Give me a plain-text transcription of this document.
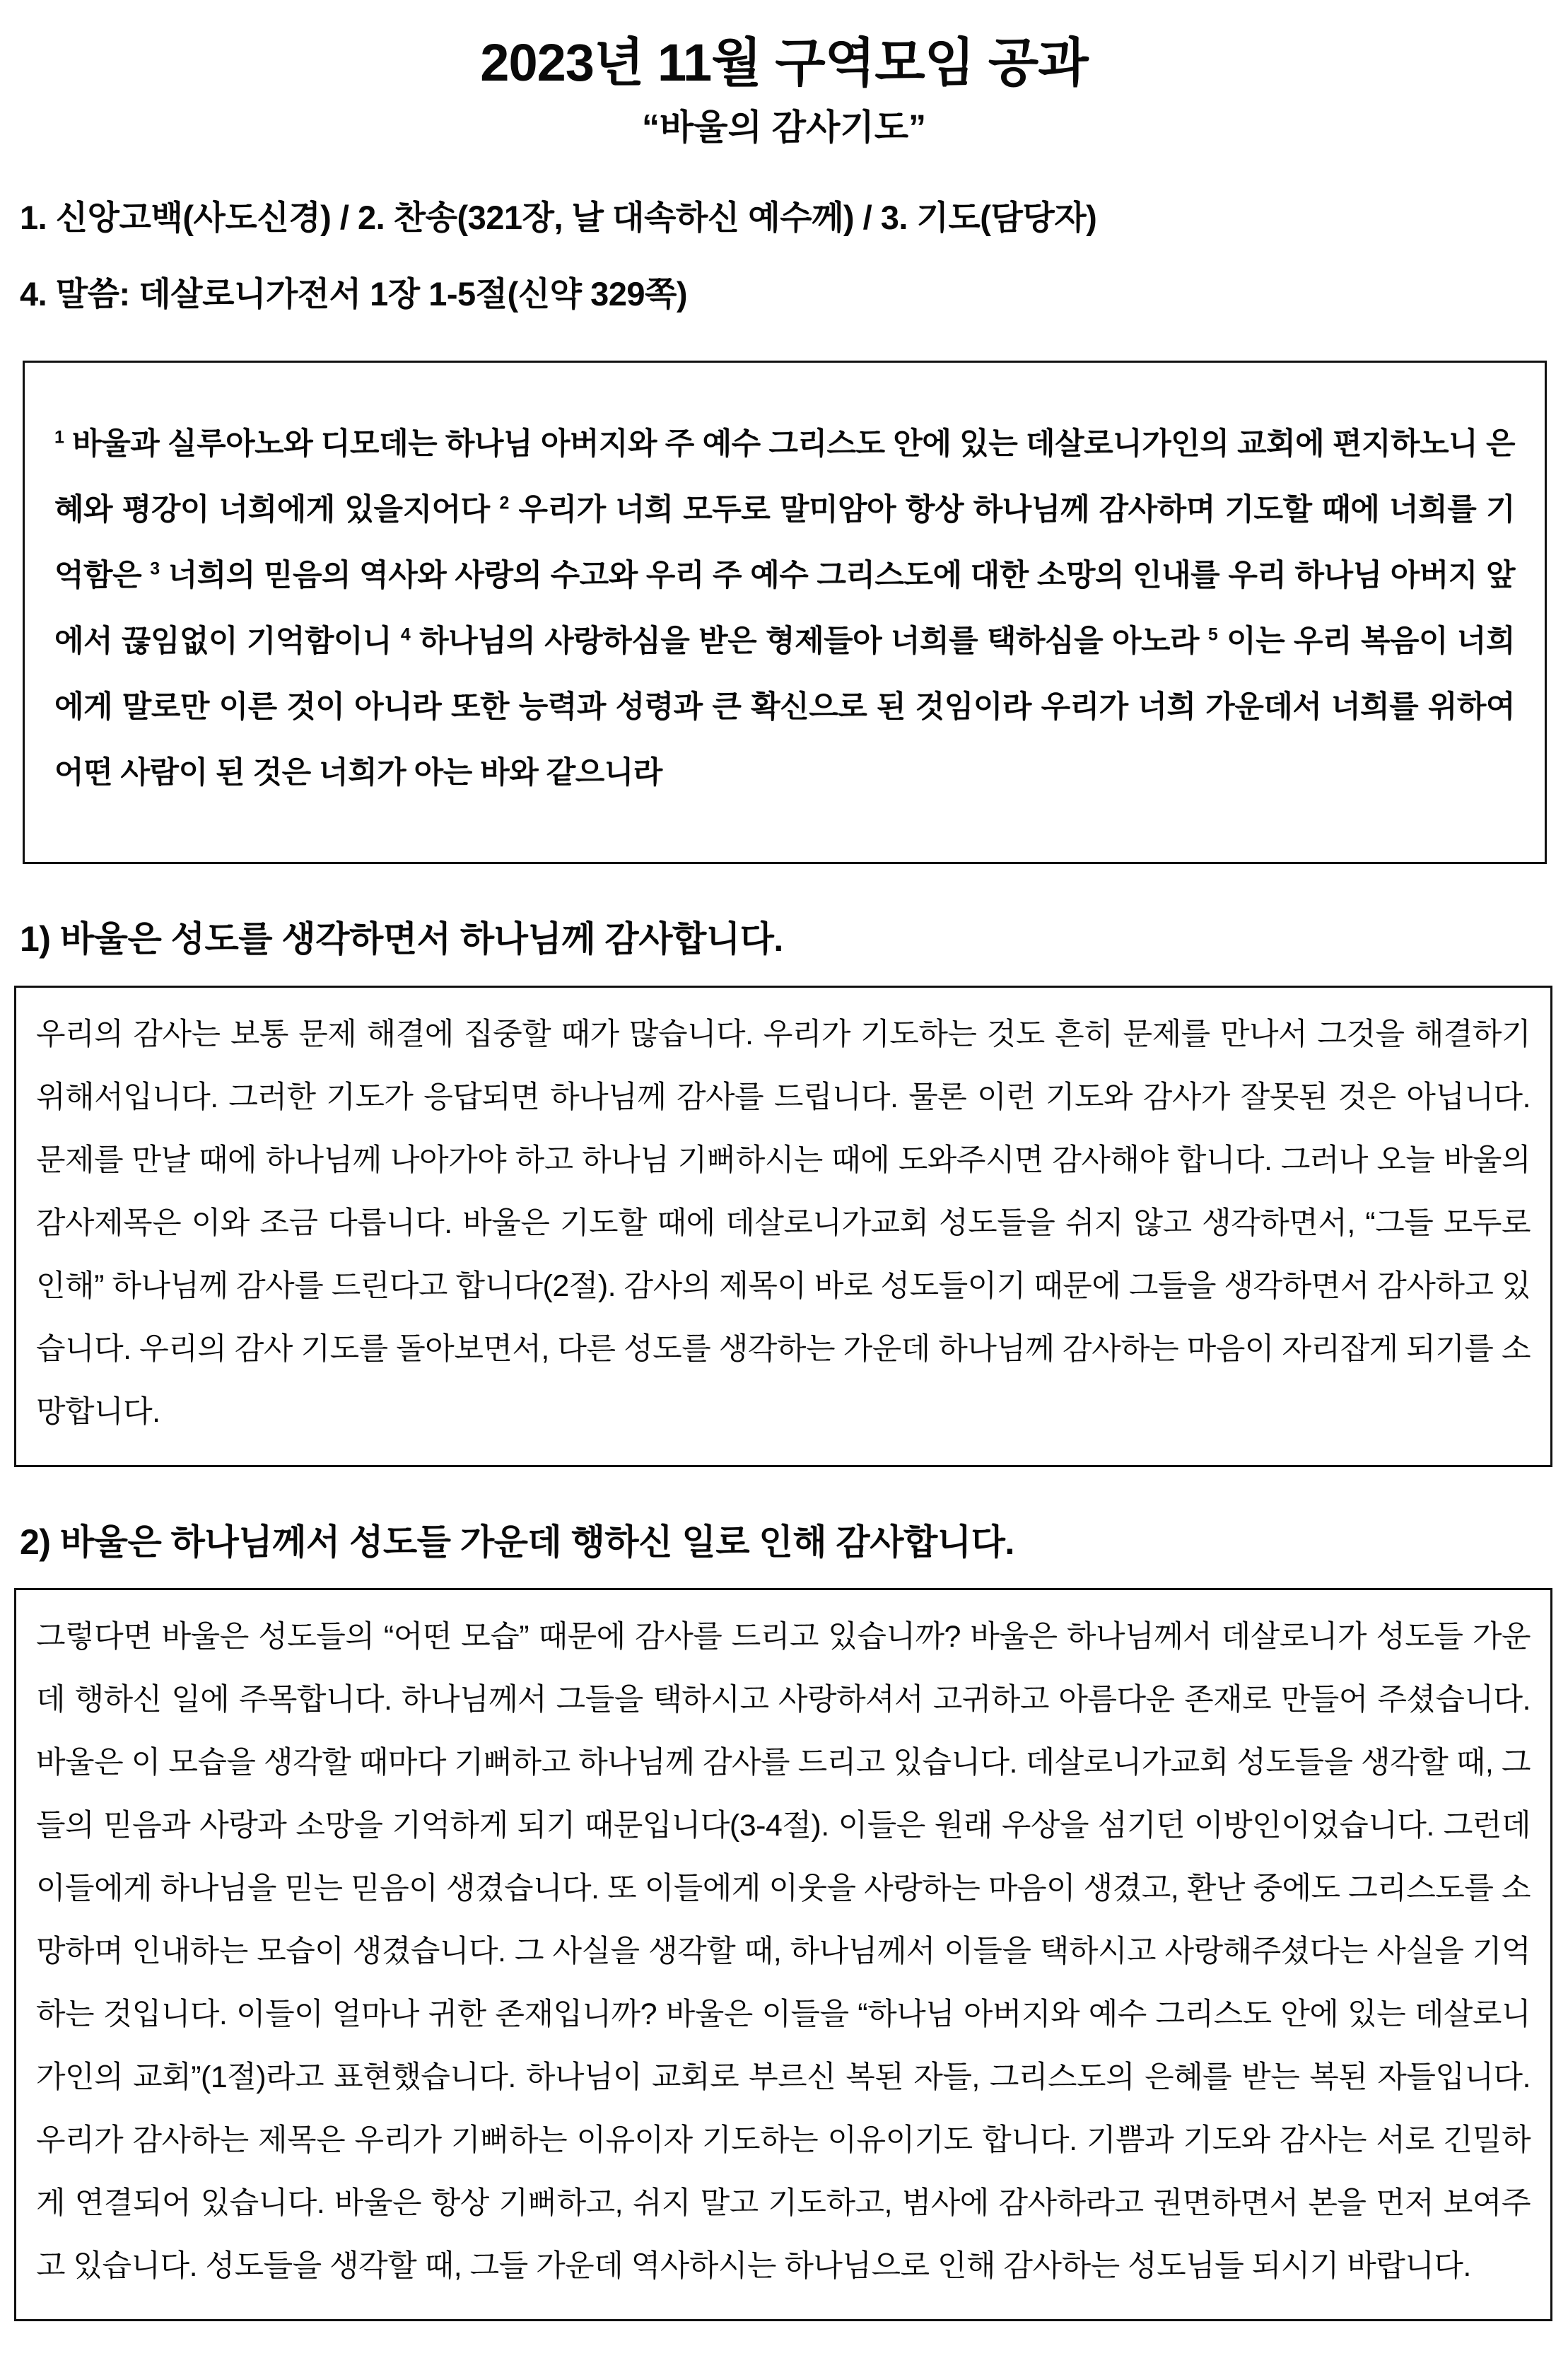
2023년 11월 구역모임 공과
“바울의 감사기도”
1. 신앙고백(사도신경) / 2. 찬송(321장, 날 대속하신 예수께) / 3. 기도(담당자)
4. 말씀: 데살로니가전서 1장 1-5절(신약 329쪽)

$^1$ 바울과 실루아노와 디모데는 하나님 아버지와 주 예수 그리스도 안에 있는 데살로니가인의 교회에 편지하노니 은혜와 평강이 너희에게 있을지어다 $^2$ 우리가 너희 모두로 말미암아 항상 하나님께 감사하며 기도할 때에 너희를 기억함은 $^3$ 너희의 믿음의 역사와 사랑의 수고와 우리 주 예수 그리스도에 대한 소망의 인내를 우리 하나님 아버지 앞에서 끊임없이 기억함이니 $^4$ 하나님의 사랑하심을 받은 형제들아 너희를 택하심을 아노라 $^5$ 이는 우리 복음이 너희에게 말로만 이른 것이 아니라 또한 능력과 성령과 큰 확신으로 된 것임이라 우리가 너희 가운데서 너희를 위하여 어떤 사람이 된 것은 너희가 아는 바와 같으니라

1) 바울은 성도를 생각하면서 하나님께 감사합니다.

우리의 감사는 보통 문제 해결에 집중할 때가 많습니다. 우리가 기도하는 것도 흔히 문제를 만나서 그것을 해결하기 위해서입니다. 그러한 기도가 응답되면 하나님께 감사를 드립니다. 물론 이런 기도와 감사가 잘못된 것은 아닙니다. 문제를 만날 때에 하나님께 나아가야 하고 하나님 기뻐하시는 때에 도와주시면 감사해야 합니다. 그러나 오늘 바울의 감사제목은 이와 조금 다릅니다. 바울은 기도할 때에 데살로니가교회 성도들을 쉬지 않고 생각하면서, “그들 모두로 인해” 하나님께 감사를 드린다고 합니다(2절). 감사의 제목이 바로 성도들이기 때문에 그들을 생각하면서 감사하고 있습니다. 우리의 감사 기도를 돌아보면서, 다른 성도를 생각하는 가운데 하나님께 감사하는 마음이 자리잡게 되기를 소망합니다.

2) 바울은 하나님께서 성도들 가운데 행하신 일로 인해 감사합니다.

그렇다면 바울은 성도들의 “어떤 모습” 때문에 감사를 드리고 있습니까? 바울은 하나님께서 데살로니가 성도들 가운데 행하신 일에 주목합니다. 하나님께서 그들을 택하시고 사랑하셔서 고귀하고 아름다운 존재로 만들어 주셨습니다. 바울은 이 모습을 생각할 때마다 기뻐하고 하나님께 감사를 드리고 있습니다. 데살로니가교회 성도들을 생각할 때, 그들의 믿음과 사랑과 소망을 기억하게 되기 때문입니다(3-4절). 이들은 원래 우상을 섬기던 이방인이었습니다. 그런데 이들에게 하나님을 믿는 믿음이 생겼습니다. 또 이들에게 이웃을 사랑하는 마음이 생겼고, 환난 중에도 그리스도를 소망하며 인내하는 모습이 생겼습니다. 그 사실을 생각할 때, 하나님께서 이들을 택하시고 사랑해주셨다는 사실을 기억하는 것입니다. 이들이 얼마나 귀한 존재입니까? 바울은 이들을 “하나님 아버지와 예수 그리스도 안에 있는 데살로니가인의 교회”(1절)라고 표현했습니다. 하나님이 교회로 부르신 복된 자들, 그리스도의 은혜를 받는 복된 자들입니다. 우리가 감사하는 제목은 우리가 기뻐하는 이유이자 기도하는 이유이기도 합니다. 기쁨과 기도와 감사는 서로 긴밀하게 연결되어 있습니다. 바울은 항상 기뻐하고, 쉬지 말고 기도하고, 범사에 감사하라고 권면하면서 본을 먼저 보여주고 있습니다. 성도들을 생각할 때, 그들 가운데 역사하시는 하나님으로 인해 감사하는 성도님들 되시기 바랍니다.
